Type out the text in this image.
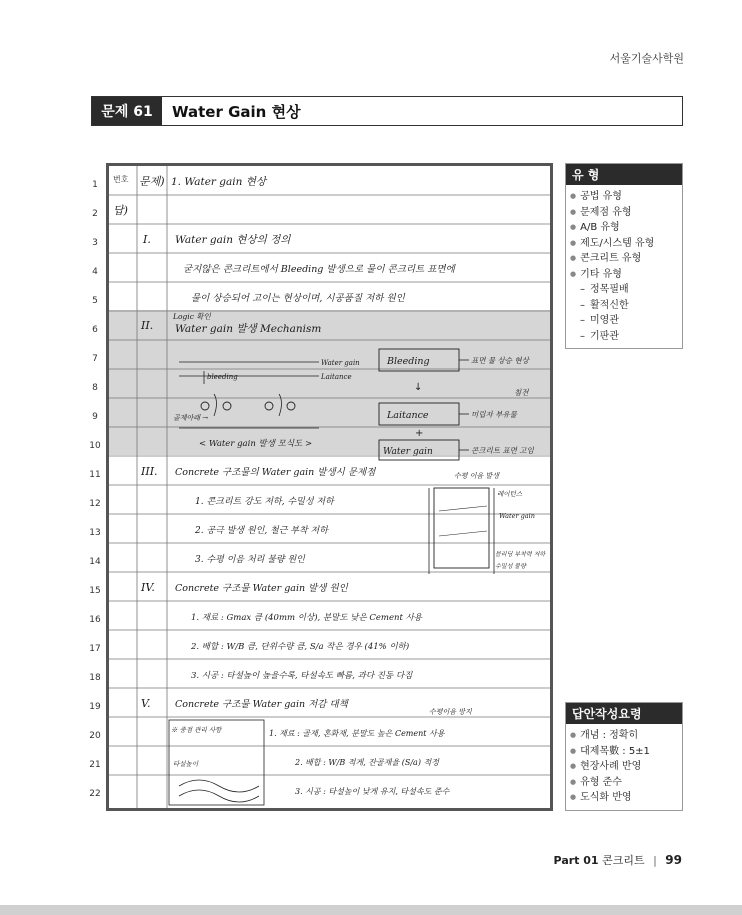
서울기술사학원
문제 61	Water Gain 현상
1
2
3
4
5
6
7
8
9
10
11
12
13
14
15
16
17
18
19
20
21
22
번호 문제)
답)
I.
II.
III.
IV.
V.
1. Water gain 현상
Water gain 현상의 정의
굳지않은 콘크리트에서 Bleeding 발생으로 물이 콘크리트 표면에
물이 상승되어 고이는 현상이며, 시공품질 저하 원인
Logic 확인
Water gain 발생 Mechanism
< Water gain 발생 모식도 >
Concrete 구조물의 Water gain 발생시 문제점
1. 콘크리트 강도 저하, 수밀성 저하
2. 공극 발생 원인, 철근 부착 저하
3. 수평 이음 처리 불량 원인
Concrete 구조물 Water gain 발생 원인
1. 재료 : Gmax 큼 (40mm 이상), 분말도 낮은 Cement 사용
2. 배합 : W/B 큼, 단위수량 큼, S/a 작은 경우 (41% 이하)
3. 시공 : 타설높이 높을수록, 타설속도 빠름, 과다 진동 다짐
Concrete 구조물 Water gain 저감 대책
1. 재료 : 골재, 혼화재, 분말도 높은 Cement 사용
2. 배합 : W/B 적게, 잔골재율 (S/a) 적정
3. 시공 : 타설높이 낮게 유지, 타설속도 준수
Water gain
Laitance
bleeding
골재아래 →
Bleeding
↓
Laitance
+
Water gain
표면 물 상승 현상
침전
미립자 부유물
콘크리트 표면 고임
수평 이음 발생
레이턴스
Water gain
블리딩 부착력 저하
수밀성 불량
※ 중점 관리 사항
타설높이
수평이음 방지
유 형
● 공법 유형
● 문제점 유형
● A/B 유형
● 제도/시스템 유형
● 콘크리트 유형
● 기타 유형
– 정목필배
– 활적신한
– 미영관
– 기판관
답안작성요령
● 개념 : 정확히
● 대제목數 : 5±1
● 현장사례 반영
● 유형 준수
● 도식화 반영
Part 01 콘크리트 | 99
